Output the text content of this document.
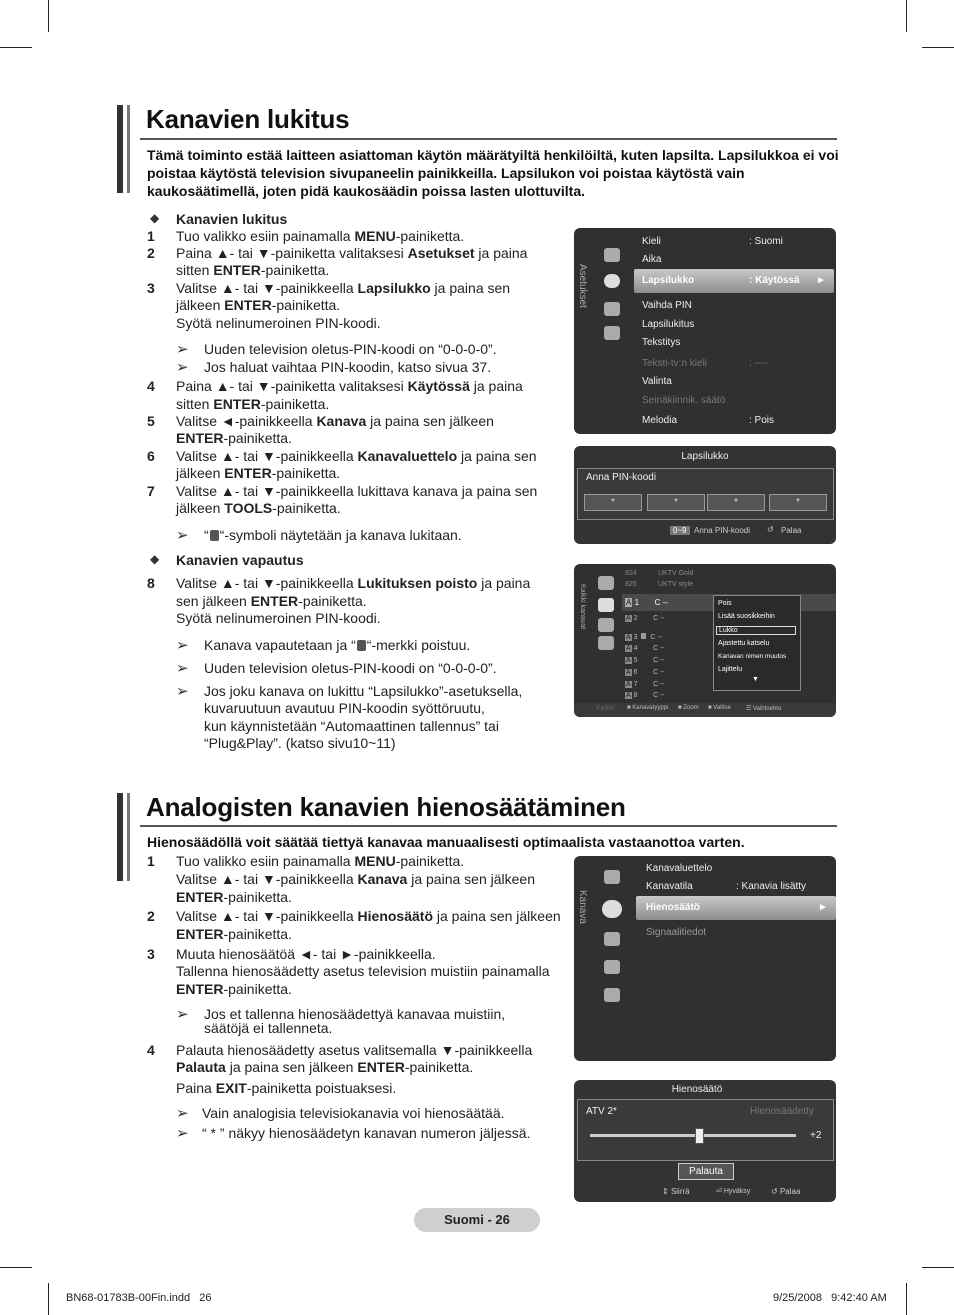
Kanavien lukitus
Tämä toiminto estää laitteen asiattoman käytön määrätyiltä henkilöiltä, kuten lapsilta. Lapsilukkoa ei voi poistaa käytöstä television sivupaneelin painikkeilla. Lapsilukon voi poistaa käytöstä vain kaukosäätimellä, joten pidä kaukosäädin poissa lasten ulottuvilta.
◆ Kanavien lukitus
1 Tuo valikko esiin painamalla MENU-painiketta.
2 Paina ▲- tai ▼-painiketta valitaksesi Asetukset ja paina
sitten ENTER-painiketta.
3 Valitse ▲- tai ▼-painikkeella Lapsilukko ja paina sen
jälkeen ENTER-painiketta.
Syötä nelinumeroinen PIN-koodi.
➢ Uuden television oletus-PIN-koodi on “0-0-0-0”.
➢ Jos haluat vaihtaa PIN-koodin, katso sivua 37.
4 Paina ▲- tai ▼-painiketta valitaksesi Käytössä ja paina
sitten ENTER-painiketta.
5 Valitse ◄-painikkeella Kanava ja paina sen jälkeen
ENTER-painiketta.
6 Valitse ▲- tai ▼-painikkeella Kanavaluettelo ja paina sen
jälkeen ENTER-painiketta.
7 Valitse ▲- tai ▼-painikkeella lukittava kanava ja paina sen
jälkeen TOOLS-painiketta.
➢ “ “-symboli näytetään ja kanava lukitaan.
◆ Kanavien vapautus
8 Valitse ▲- tai ▼-painikkeella Lukituksen poisto ja paina
sen jälkeen ENTER-painiketta.
Syötä nelinumeroinen PIN-koodi.
➢ Kanava vapautetaan ja “ “-merkki poistuu.
➢ Uuden television oletus-PIN-koodi on “0-0-0-0”.
➢ Jos joku kanava on lukittu “Lapsilukko”-asetuksella,
kuvaruutuun avautuu PIN-koodin syöttöruutu,
kun käynnistetään “Automaattinen tallennus” tai
“Plug&Play”. (katso sivu10~11)
Asetukset
Kieli	: Suomi
Aika
Lapsilukko	: Käytössä ►
Vaihda PIN
Lapsilukitus
Tekstitys
Teksti-tv:n kieli	: ----
Valinta
Seinäkiinnik. säätö
Melodia	: Pois
Lapsilukko
Anna PIN-koodi
*	*	*	*
0~9 Anna PIN-koodi ↺ Palaa
Kaikki kanavat
824	UKTV Gold
825	UKTV style
A 1 C --
A 2 C --
A 3 C --
A 4 C --
A 5 C --
A 6 C --
A 7 C --
A 8 C --
Pois
Lisää suosikkeihin
Lukko
Ajastettu katselu
Kanavan nimen muutos
Lajittelu
▼
Kaikki ■ Kanavatyyppi ■ Zoom ■ Valitse	☰ Vaihtoehto
Analogisten kanavien hienosäätäminen
Hienosäädöllä voit säätää tiettyä kanavaa manuaalisesti optimaalista vastaanottoa varten.
1 Tuo valikko esiin painamalla MENU-painiketta.
Valitse ▲- tai ▼-painikkeella Kanava ja paina sen jälkeen
ENTER-painiketta.
2 Valitse ▲- tai ▼-painikkeella Hienosäätö ja paina sen jälkeen
ENTER-painiketta.
3 Muuta hienosäätöä ◄- tai ►-painikkeella.
Tallenna hienosäädetty asetus television muistiin painamalla
ENTER-painiketta.
➢ Jos et tallenna hienosäädettyä kanavaa muistiin,
säätöjä ei tallenneta.
4 Palauta hienosäädetty asetus valitsemalla ▼-painikkeella
Palauta ja paina sen jälkeen ENTER-painiketta.
Paina EXIT-painiketta poistuaksesi.
➢ Vain analogisia televisiokanavia voi hienosäätää.
➢ “ * ” näkyy hienosäädetyn kanavan numeron jäljessä.
Kanava
Kanavaluettelo
Kanavatila	: Kanavia lisätty
Hienosäätö	►
Signaalitiedot
Hienosäätö
ATV 2*	Hienosäädetty
+2
Palauta
⇕ Siirrä	⏎ Hyväksy	↺ Palaa
Suomi - 26
BN68-01783B-00Fin.indd   26	9/25/2008   9:42:40 AM
